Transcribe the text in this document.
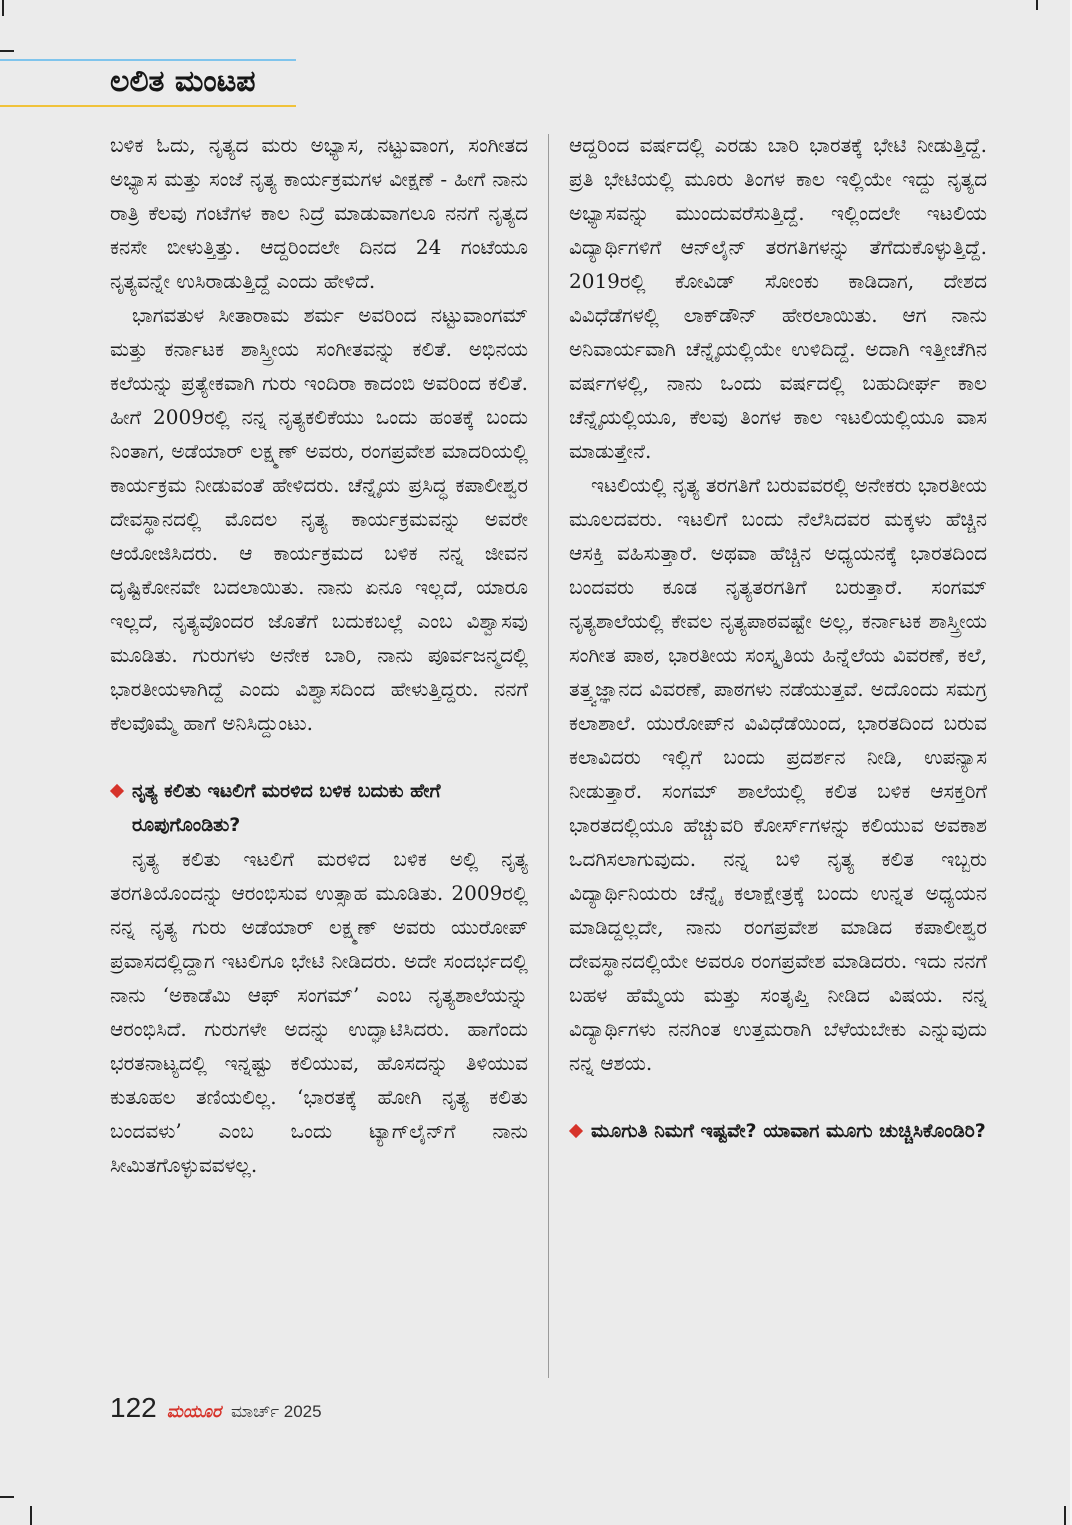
ಲಲಿತ ಮಂಟಪ

ಬಳಿಕ ಓದು, ನೃತ್ಯದ ಮರು ಅಭ್ಯಾಸ, ನಟ್ಟುವಾಂಗ, ಸಂಗೀತದ ಅಭ್ಯಾಸ ಮತ್ತು ಸಂಜೆ ನೃತ್ಯ ಕಾರ್ಯಕ್ರಮಗಳ ವೀಕ್ಷಣೆ - ಹೀಗೆ ನಾನು ರಾತ್ರಿ ಕೆಲವು ಗಂಟೆಗಳ ಕಾಲ ನಿದ್ರೆ ಮಾಡುವಾಗಲೂ ನನಗೆ ನೃತ್ಯದ ಕನಸೇ ಬೀಳುತ್ತಿತ್ತು. ಆದ್ದರಿಂದಲೇ ದಿನದ 24 ಗಂಟೆಯೂ ನೃತ್ಯವನ್ನೇ ಉಸಿರಾಡುತ್ತಿದ್ದೆ ಎಂದು ಹೇಳಿದೆ.

ಭಾಗವತುಳ ಸೀತಾರಾಮ ಶರ್ಮ ಅವರಿಂದ ನಟ್ಟುವಾಂಗಮ್ ಮತ್ತು ಕರ್ನಾಟಕ ಶಾಸ್ತ್ರೀಯ ಸಂಗೀತವನ್ನು ಕಲಿತೆ. ಅಭಿನಯ ಕಲೆಯನ್ನು ಪ್ರತ್ಯೇಕವಾಗಿ ಗುರು ಇಂದಿರಾ ಕಾದಂಬಿ ಅವರಿಂದ ಕಲಿತೆ. ಹೀಗೆ 2009ರಲ್ಲಿ ನನ್ನ ನೃತ್ಯಕಲಿಕೆಯು ಒಂದು ಹಂತಕ್ಕೆ ಬಂದು ನಿಂತಾಗ, ಅಡೆಯಾರ್ ಲಕ್ಷ್ಮಣ್ ಅವರು, ರಂಗಪ್ರವೇಶ ಮಾದರಿಯಲ್ಲಿ ಕಾರ್ಯಕ್ರಮ ನೀಡುವಂತೆ ಹೇಳಿದರು. ಚೆನ್ನೈಯ ಪ್ರಸಿದ್ಧ ಕಪಾಲೀಶ್ವರ ದೇವಸ್ಥಾನದಲ್ಲಿ ಮೊದಲ ನೃತ್ಯ ಕಾರ್ಯಕ್ರಮವನ್ನು ಅವರೇ ಆಯೋಜಿಸಿದರು. ಆ ಕಾರ್ಯಕ್ರಮದ ಬಳಿಕ ನನ್ನ ಜೀವನ ದೃಷ್ಟಿಕೋನವೇ ಬದಲಾಯಿತು. ನಾನು ಏನೂ ಇಲ್ಲದೆ, ಯಾರೂ ಇಲ್ಲದೆ, ನೃತ್ಯವೊಂದರ ಜೊತೆಗೆ ಬದುಕಬಲ್ಲೆ ಎಂಬ ವಿಶ್ವಾಸವು ಮೂಡಿತು. ಗುರುಗಳು ಅನೇಕ ಬಾರಿ, ನಾನು ಪೂರ್ವಜನ್ಮದಲ್ಲಿ ಭಾರತೀಯಳಾಗಿದ್ದೆ ಎಂದು ವಿಶ್ವಾಸದಿಂದ ಹೇಳುತ್ತಿದ್ದರು. ನನಗೆ ಕೆಲವೊಮ್ಮೆ ಹಾಗೆ ಅನಿಸಿದ್ದುಂಟು.

ನೃತ್ಯ ಕಲಿತು ಇಟಲಿಗೆ ಮರಳಿದ ಬಳಿಕ ಬದುಕು ಹೇಗೆ ರೂಪುಗೊಂಡಿತು?

ನೃತ್ಯ ಕಲಿತು ಇಟಲಿಗೆ ಮರಳಿದ ಬಳಿಕ ಅಲ್ಲಿ ನೃತ್ಯ ತರಗತಿಯೊಂದನ್ನು ಆರಂಭಿಸುವ ಉತ್ಸಾಹ ಮೂಡಿತು. 2009ರಲ್ಲಿ ನನ್ನ ನೃತ್ಯ ಗುರು ಅಡೆಯಾರ್ ಲಕ್ಷ್ಮಣ್ ಅವರು ಯುರೋಪ್ ಪ್ರವಾಸದಲ್ಲಿದ್ದಾಗ ಇಟಲಿಗೂ ಭೇಟಿ ನೀಡಿದರು. ಅದೇ ಸಂದರ್ಭದಲ್ಲಿ ನಾನು ‘ಅಕಾಡೆಮಿ ಆಫ್ ಸಂಗಮ್’ ಎಂಬ ನೃತ್ಯಶಾಲೆಯನ್ನು ಆರಂಭಿಸಿದೆ. ಗುರುಗಳೇ ಅದನ್ನು ಉದ್ಘಾಟಿಸಿದರು. ಹಾಗೆಂದು ಭರತನಾಟ್ಯದಲ್ಲಿ ಇನ್ನಷ್ಟು ಕಲಿಯುವ, ಹೊಸದನ್ನು ತಿಳಿಯುವ ಕುತೂಹಲ ತಣಿಯಲಿಲ್ಲ. ‘ಭಾರತಕ್ಕೆ ಹೋಗಿ ನೃತ್ಯ ಕಲಿತು ಬಂದವಳು’ ಎಂಬ ಒಂದು ಟ್ಯಾಗ್‌ಲೈನ್‌ಗೆ ನಾನು ಸೀಮಿತಗೊಳ್ಳುವವಳಲ್ಲ.

ಆದ್ದರಿಂದ ವರ್ಷದಲ್ಲಿ ಎರಡು ಬಾರಿ ಭಾರತಕ್ಕೆ ಭೇಟಿ ನೀಡುತ್ತಿದ್ದೆ. ಪ್ರತಿ ಭೇಟಿಯಲ್ಲಿ ಮೂರು ತಿಂಗಳ ಕಾಲ ಇಲ್ಲಿಯೇ ಇದ್ದು ನೃತ್ಯದ ಅಭ್ಯಾಸವನ್ನು ಮುಂದುವರೆಸುತ್ತಿದ್ದೆ. ಇಲ್ಲಿಂದಲೇ ಇಟಲಿಯ ವಿದ್ಯಾರ್ಥಿಗಳಿಗೆ ಆನ್‌ಲೈನ್ ತರಗತಿಗಳನ್ನು ತೆಗೆದುಕೊಳ್ಳುತ್ತಿದ್ದೆ. 2019ರಲ್ಲಿ ಕೋವಿಡ್ ಸೋಂಕು ಕಾಡಿದಾಗ, ದೇಶದ ವಿವಿಧೆಡೆಗಳಲ್ಲಿ ಲಾಕ್‌ಡೌನ್ ಹೇರಲಾಯಿತು. ಆಗ ನಾನು ಅನಿವಾರ್ಯವಾಗಿ ಚೆನ್ನೈಯಲ್ಲಿಯೇ ಉಳಿದಿದ್ದೆ. ಅದಾಗಿ ಇತ್ತೀಚೆಗಿನ ವರ್ಷಗಳಲ್ಲಿ, ನಾನು ಒಂದು ವರ್ಷದಲ್ಲಿ ಬಹುದೀರ್ಘ ಕಾಲ ಚೆನ್ನೈಯಲ್ಲಿಯೂ, ಕೆಲವು ತಿಂಗಳ ಕಾಲ ಇಟಲಿಯಲ್ಲಿಯೂ ವಾಸ ಮಾಡುತ್ತೇನೆ.

ಇಟಲಿಯಲ್ಲಿ ನೃತ್ಯ ತರಗತಿಗೆ ಬರುವವರಲ್ಲಿ ಅನೇಕರು ಭಾರತೀಯ ಮೂಲದವರು. ಇಟಲಿಗೆ ಬಂದು ನೆಲೆಸಿದವರ ಮಕ್ಕಳು ಹೆಚ್ಚಿನ ಆಸಕ್ತಿ ವಹಿಸುತ್ತಾರೆ. ಅಥವಾ ಹೆಚ್ಚಿನ ಅಧ್ಯಯನಕ್ಕೆ ಭಾರತದಿಂದ ಬಂದವರು ಕೂಡ ನೃತ್ಯತರಗತಿಗೆ ಬರುತ್ತಾರೆ. ಸಂಗಮ್ ನೃತ್ಯಶಾಲೆಯಲ್ಲಿ ಕೇವಲ ನೃತ್ಯಪಾಠವಷ್ಟೇ ಅಲ್ಲ, ಕರ್ನಾಟಕ ಶಾಸ್ತ್ರೀಯ ಸಂಗೀತ ಪಾಠ, ಭಾರತೀಯ ಸಂಸ್ಕೃತಿಯ ಹಿನ್ನೆಲೆಯ ವಿವರಣೆ, ಕಲೆ, ತತ್ತ್ವಜ್ಞಾನದ ವಿವರಣೆ, ಪಾಠಗಳು ನಡೆಯುತ್ತವೆ. ಅದೊಂದು ಸಮಗ್ರ ಕಲಾಶಾಲೆ. ಯುರೋಪ್‌ನ ವಿವಿಧೆಡೆಯಿಂದ, ಭಾರತದಿಂದ ಬರುವ ಕಲಾವಿದರು ಇಲ್ಲಿಗೆ ಬಂದು ಪ್ರದರ್ಶನ ನೀಡಿ, ಉಪನ್ಯಾಸ ನೀಡುತ್ತಾರೆ. ಸಂಗಮ್ ಶಾಲೆಯಲ್ಲಿ ಕಲಿತ ಬಳಿಕ ಆಸಕ್ತರಿಗೆ ಭಾರತದಲ್ಲಿಯೂ ಹೆಚ್ಚುವರಿ ಕೋರ್ಸ್‌ಗಳನ್ನು ಕಲಿಯುವ ಅವಕಾಶ ಒದಗಿಸಲಾಗುವುದು. ನನ್ನ ಬಳಿ ನೃತ್ಯ ಕಲಿತ ಇಬ್ಬರು ವಿದ್ಯಾರ್ಥಿನಿಯರು ಚೆನ್ನೈ ಕಲಾಕ್ಷೇತ್ರಕ್ಕೆ ಬಂದು ಉನ್ನತ ಅಧ್ಯಯನ ಮಾಡಿದ್ದಲ್ಲದೇ, ನಾನು ರಂಗಪ್ರವೇಶ ಮಾಡಿದ ಕಪಾಲೀಶ್ವರ ದೇವಸ್ಥಾನದಲ್ಲಿಯೇ ಅವರೂ ರಂಗಪ್ರವೇಶ ಮಾಡಿದರು. ಇದು ನನಗೆ ಬಹಳ ಹೆಮ್ಮೆಯ ಮತ್ತು ಸಂತೃಪ್ತಿ ನೀಡಿದ ವಿಷಯ. ನನ್ನ ವಿದ್ಯಾರ್ಥಿಗಳು ನನಗಿಂತ ಉತ್ತಮರಾಗಿ ಬೆಳೆಯಬೇಕು ಎನ್ನುವುದು ನನ್ನ ಆಶಯ.

ಮೂಗುತಿ ನಿಮಗೆ ಇಷ್ಟವೇ? ಯಾವಾಗ ಮೂಗು ಚುಚ್ಚಿಸಿಕೊಂಡಿರಿ?
122 ಮಯೂರ ಮಾರ್ಚ್ 2025
